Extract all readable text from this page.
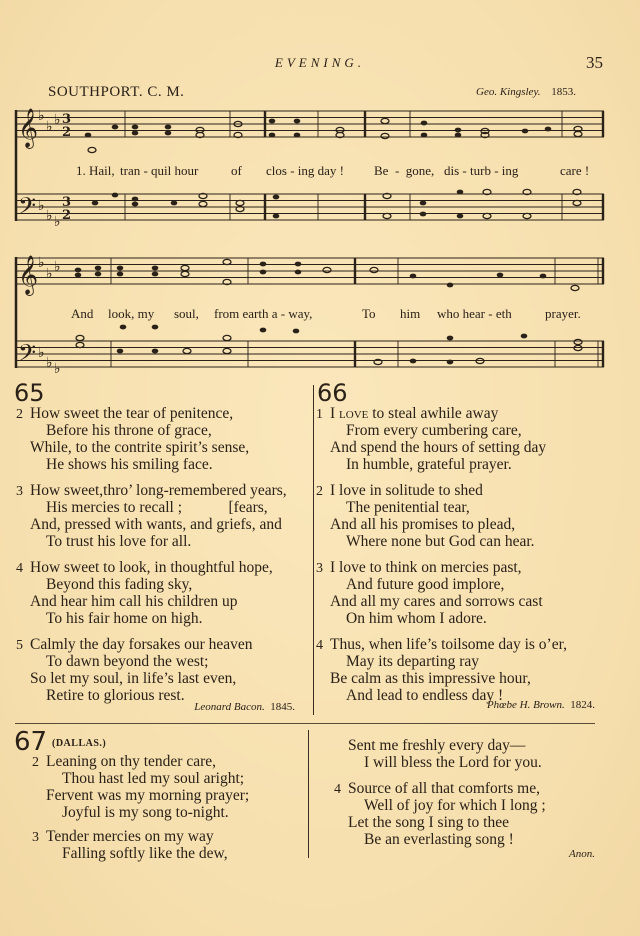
EVENING.	35
SOUTHPORT. C. M.	Geo. Kingsley. 1853.
𝄞
𝄢
𝄞
𝄢
♭
♭ ♭
♭
♭ ♭
♭
♭ ♭
♭
♭ ♭
3
2
3
2
1. Hail, tran - quil hour	of clos - ing day ! Be  -  gone, dis - turb - ing	care !
And look, my soul, from earth a - way,	To him who hear - eth	prayer.
65
2 How sweet the tear of penitence,
Before his throne of grace,
While, to the contrite spirit’s sense,
He shows his smiling face.
3 How sweet,thro’ long-remembered years,
His mercies to recall ;            [fears,
And, pressed with wants, and griefs, and
To trust his love for all.
4 How sweet to look, in thoughtful hope,
Beyond this fading sky,
And hear him call his children up
To his fair home on high.
5 Calmly the day forsakes our heaven
To dawn beyond the west;
So let my soul, in life’s last even,
Retire to glorious rest.
Leonard Bacon. 1845.
66
1 I love to steal awhile away
From every cumbering care,
And spend the hours of setting day
In humble, grateful prayer.
2 I love in solitude to shed
The penitential tear,
And all his promises to plead,
Where none but God can hear.
3 I love to think on mercies past,
And future good implore,
And all my cares and sorrows cast
On him whom I adore.
4 Thus, when life’s toilsome day is o’er,
May its departing ray
Be calm as this impressive hour,
And lead to endless day !
Phœbe H. Brown. 1824.
67 (DALLAS.)
2 Leaning on thy tender care,
Thou hast led my soul aright;
Fervent was my morning prayer;
Joyful is my song to-night.
3 Tender mercies on my way
Falling softly like the dew,
Sent me freshly every day—
I will bless the Lord for you.
4 Source of all that comforts me,
Well of joy for which I long ;
Let the song I sing to thee
Be an everlasting song !
Anon.
